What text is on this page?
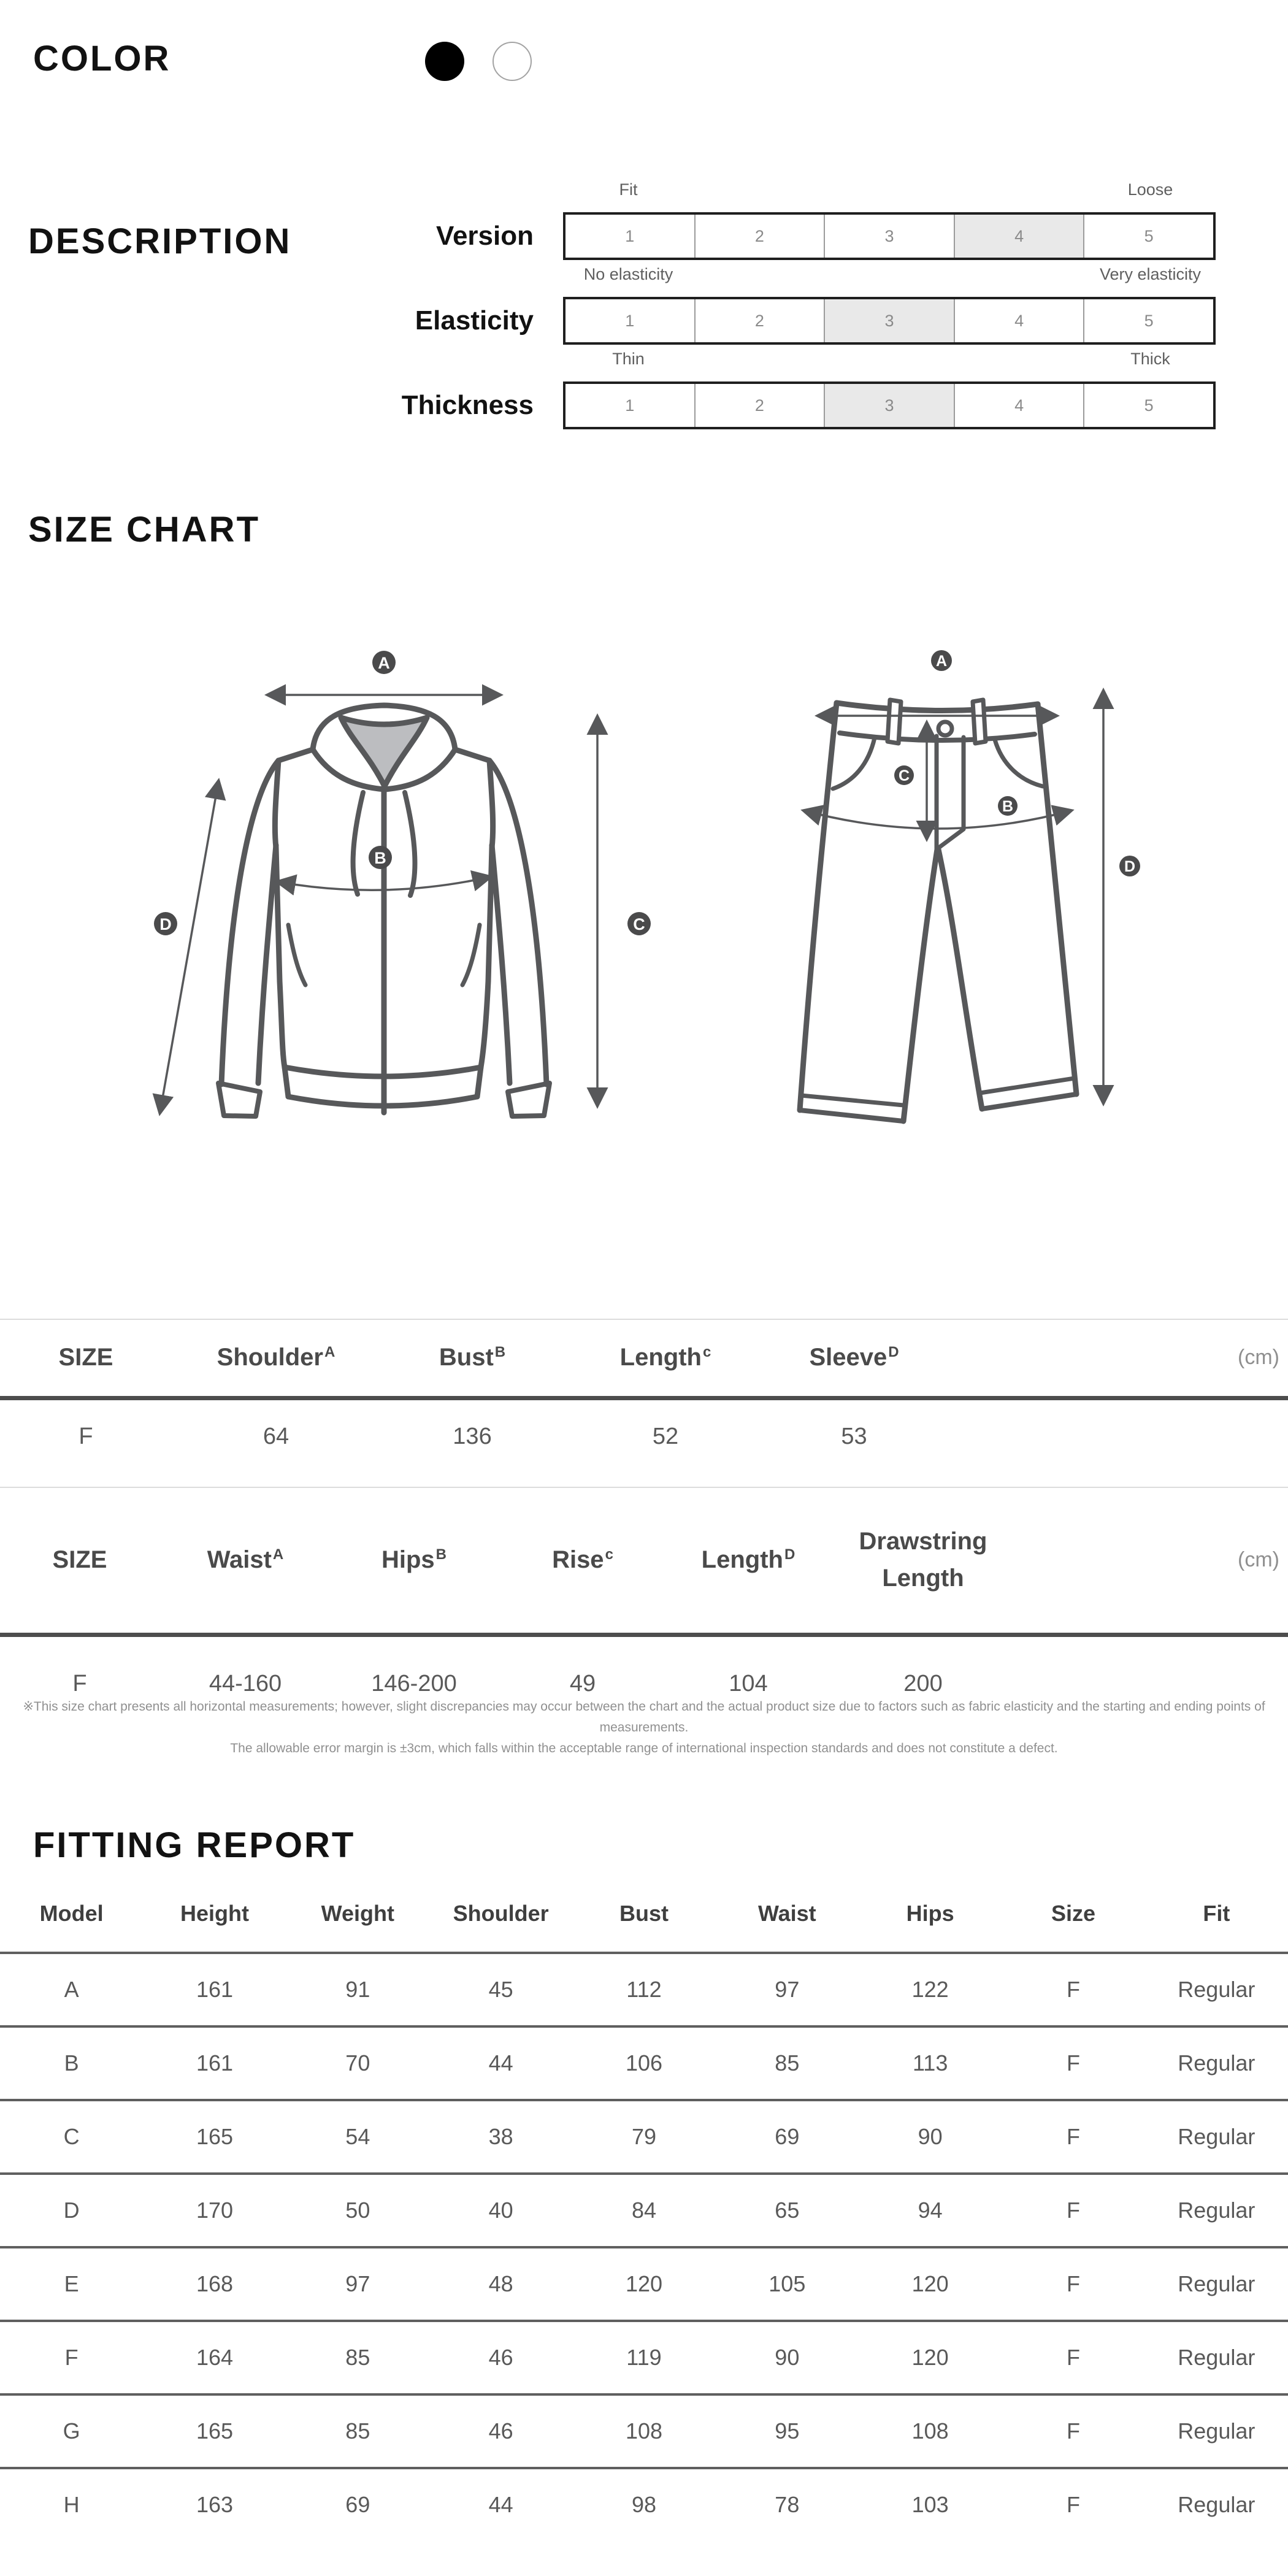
COLOR
DESCRIPTION	Version
Fit	Loose
1	2	3	4	5
Elasticity
No elasticity	Very elasticity
1	2	3	4	5
Thickness
Thin	Thick
1	2	3	4	5
SIZE CHART
A
B
C
D
A
B
C
D
SIZE	Shoulder$^A$	Bust$^B$	Length$^c$	Sleeve$^D$	(cm)
F	64	136	52	53
SIZE	Waist$^A$	Hips$^B$	Rise$^c$	Length$^D$	Drawstring Length
(cm)
F	44-160	146-200	49	104	200
※This size chart presents all horizontal measurements; however, slight discrepancies may occur between the chart and the actual product size due to factors such as fabric elasticity and the starting and ending points of measurements.
The allowable error margin is ±3cm, which falls within the acceptable range of international inspection standards and does not constitute a defect.
FITTING REPORT
Model	Height	Weight	Shoulder	Bust	Waist	Hips	Size	Fit
A	161	91	45	112	97	122	F	Regular
B	161	70	44	106	85	113	F	Regular
C	165	54	38	79	69	90	F	Regular
D	170	50	40	84	65	94	F	Regular
E	168	97	48	120	105	120	F	Regular
F	164	85	46	119	90	120	F	Regular
G	165	85	46	108	95	108	F	Regular
H	163	69	44	98	78	103	F	Regular
